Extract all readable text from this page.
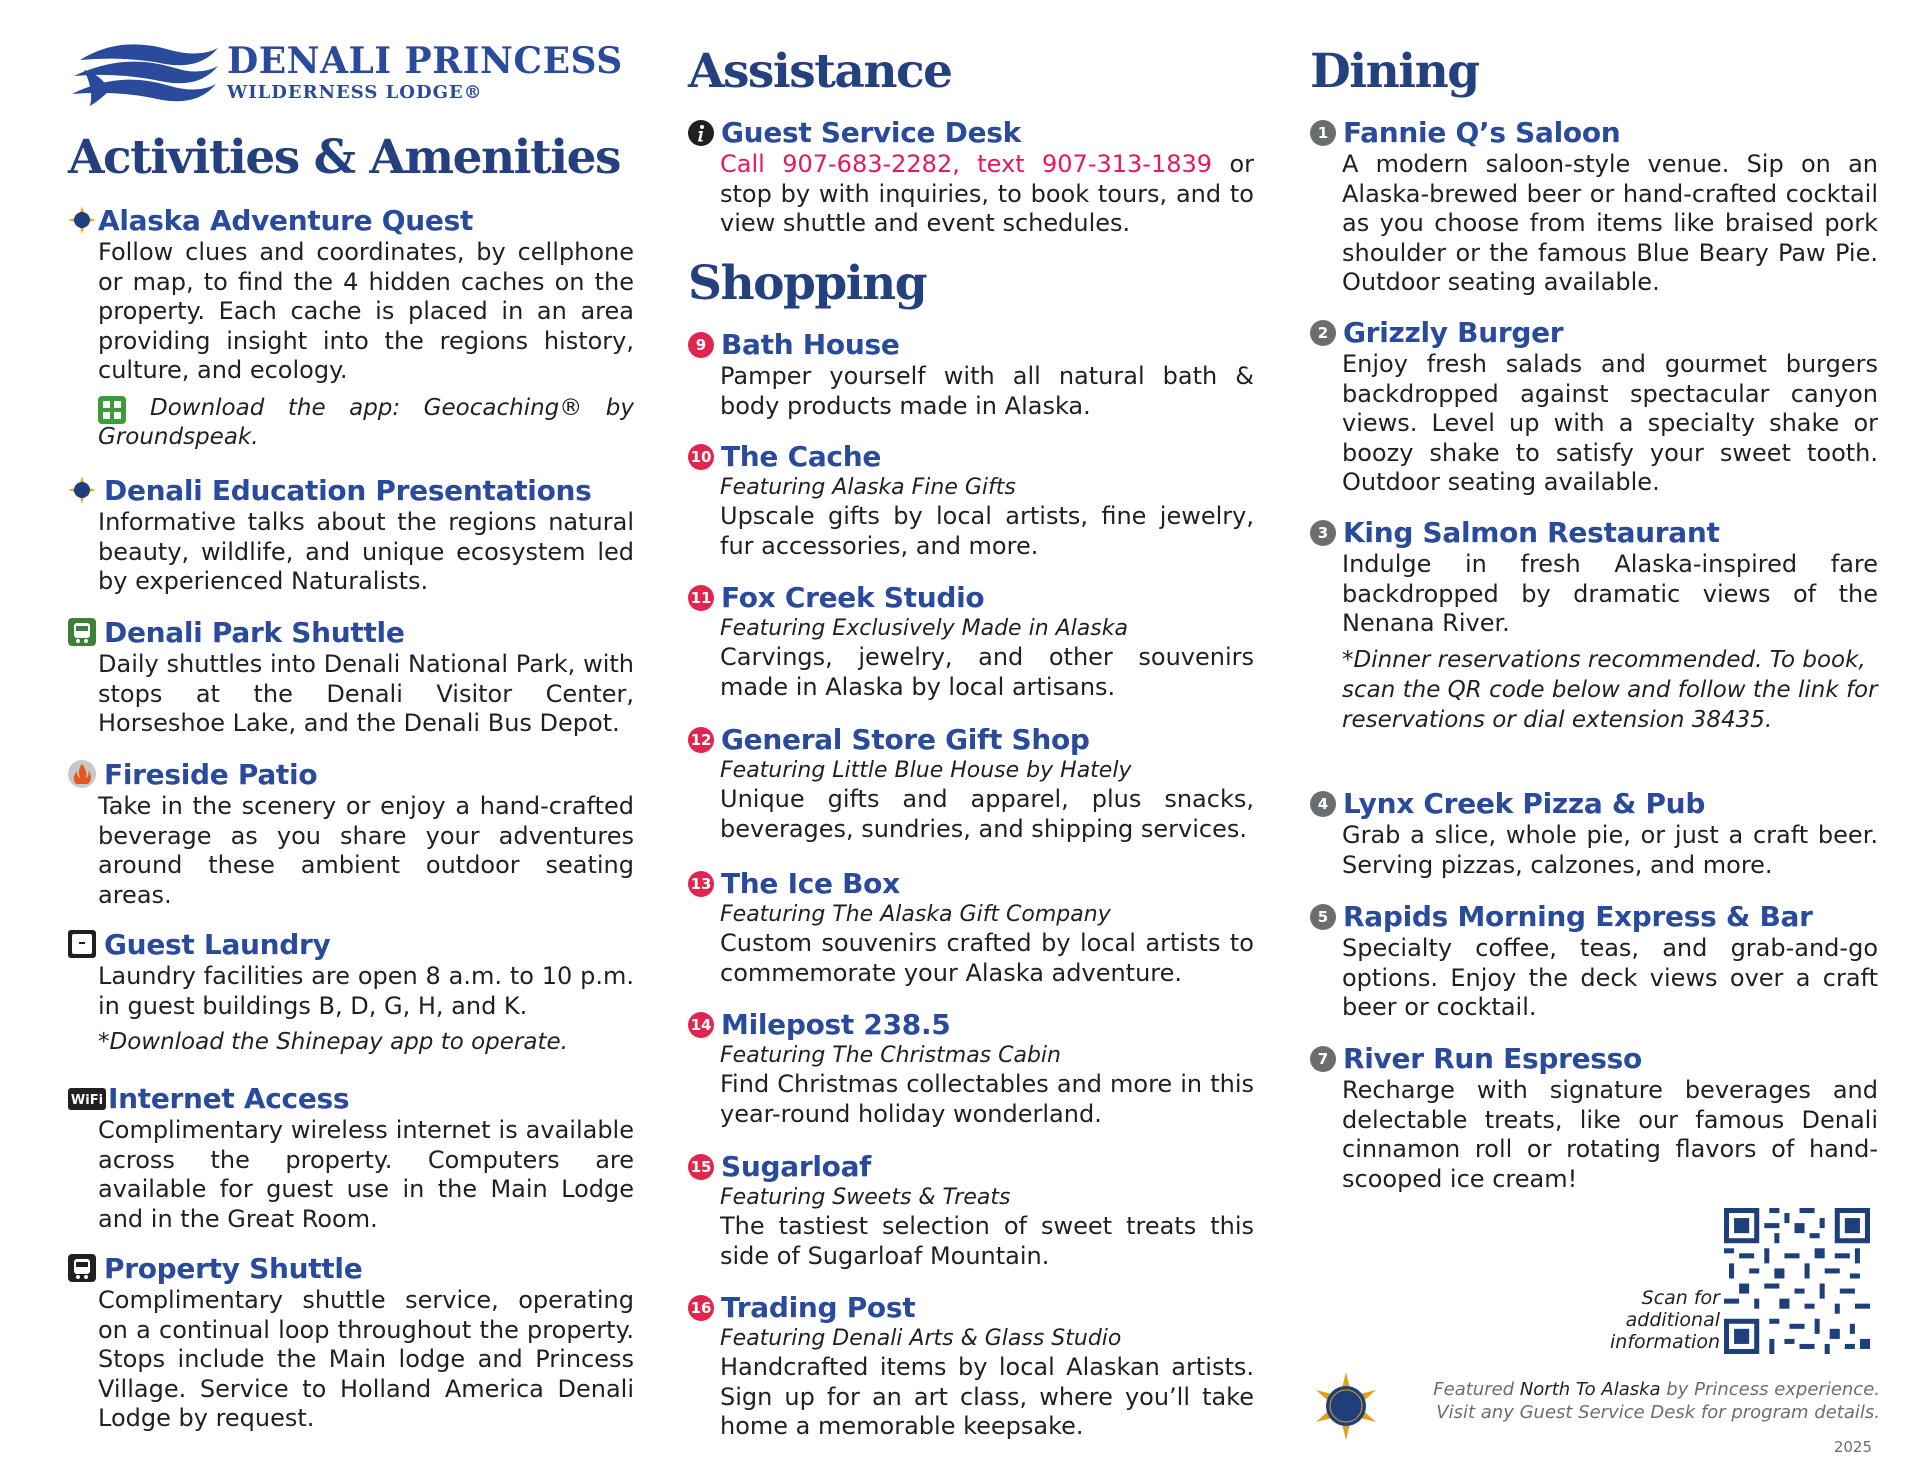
DENALI PRINCESS
WILDERNESS LODGE®
Activities & Amenities
Alaska Adventure Quest
Follow clues and coordinates, by cellphone or map, to find the 4 hidden caches on the property. Each cache is placed in an area providing insight into the regions history, culture, and ecology.
Download the app: Geocaching® by Groundspeak.
Denali Education Presentations
Informative talks about the regions natural beauty, wildlife, and unique ecosystem led by experienced Naturalists.
Denali Park Shuttle
Daily shuttles into Denali National Park, with stops at the Denali Visitor Center, Horseshoe Lake, and the Denali Bus Depot.
Fireside Patio
Take in the scenery or enjoy a hand-crafted beverage as you share your adventures around these ambient outdoor seating areas.
Guest Laundry
Laundry facilities are open 8 a.m. to 10 p.m. in guest buildings B, D, G, H, and K.
*Download the Shinepay app to operate.
WiFi Internet Access
Complimentary wireless internet is available across the property. Computers are available for guest use in the Main Lodge and in the Great Room.
Property Shuttle
Complimentary shuttle service, operating on a continual loop throughout the property. Stops include the Main lodge and Princess Village. Service to Holland America Denali Lodge by request.
Assistance
Guest Service Desk
Call 907-683-2282, text 907-313-1839 or stop by with inquiries, to book tours, and to view shuttle and event schedules.
Shopping
9 Bath House
Pamper yourself with all natural bath & body products made in Alaska.
10 The Cache
Featuring Alaska Fine Gifts
Upscale gifts by local artists, fine jewelry, fur accessories, and more.
11 Fox Creek Studio
Featuring Exclusively Made in Alaska
Carvings, jewelry, and other souvenirs made in Alaska by local artisans.
12 General Store Gift Shop
Featuring Little Blue House by Hately
Unique gifts and apparel, plus snacks, beverages, sundries, and shipping services.
13 The Ice Box
Featuring The Alaska Gift Company
Custom souvenirs crafted by local artists to commemorate your Alaska adventure.
14 Milepost 238.5
Featuring The Christmas Cabin
Find Christmas collectables and more in this year-round holiday wonderland.
15 Sugarloaf
Featuring Sweets & Treats
The tastiest selection of sweet treats this side of Sugarloaf Mountain.
16 Trading Post
Featuring Denali Arts & Glass Studio
Handcrafted items by local Alaskan artists. Sign up for an art class, where you’ll take home a memorable keepsake.
Dining
1 Fannie Q’s Saloon
A modern saloon-style venue. Sip on an Alaska-brewed beer or hand-crafted cocktail as you choose from items like braised pork shoulder or the famous Blue Beary Paw Pie. Outdoor seating available.
2 Grizzly Burger
Enjoy fresh salads and gourmet burgers backdropped against spectacular canyon views. Level up with a specialty shake or boozy shake to satisfy your sweet tooth. Outdoor seating available.
3 King Salmon Restaurant
Indulge in fresh Alaska-inspired fare backdropped by dramatic views of the Nenana River.
*Dinner reservations recommended. To book, scan the QR code below and follow the link for reservations or dial extension 38435.
4 Lynx Creek Pizza & Pub
Grab a slice, whole pie, or just a craft beer. Serving pizzas, calzones, and more.
5 Rapids Morning Express & Bar
Specialty coffee, teas, and grab-and-go options. Enjoy the deck views over a craft beer or cocktail.
7 River Run Espresso
Recharge with signature beverages and delectable treats, like our famous Denali cinnamon roll or rotating flavors of hand-scooped ice cream!
Scan for additional information
Featured North To Alaska by Princess experience. Visit any Guest Service Desk for program details.
2025
